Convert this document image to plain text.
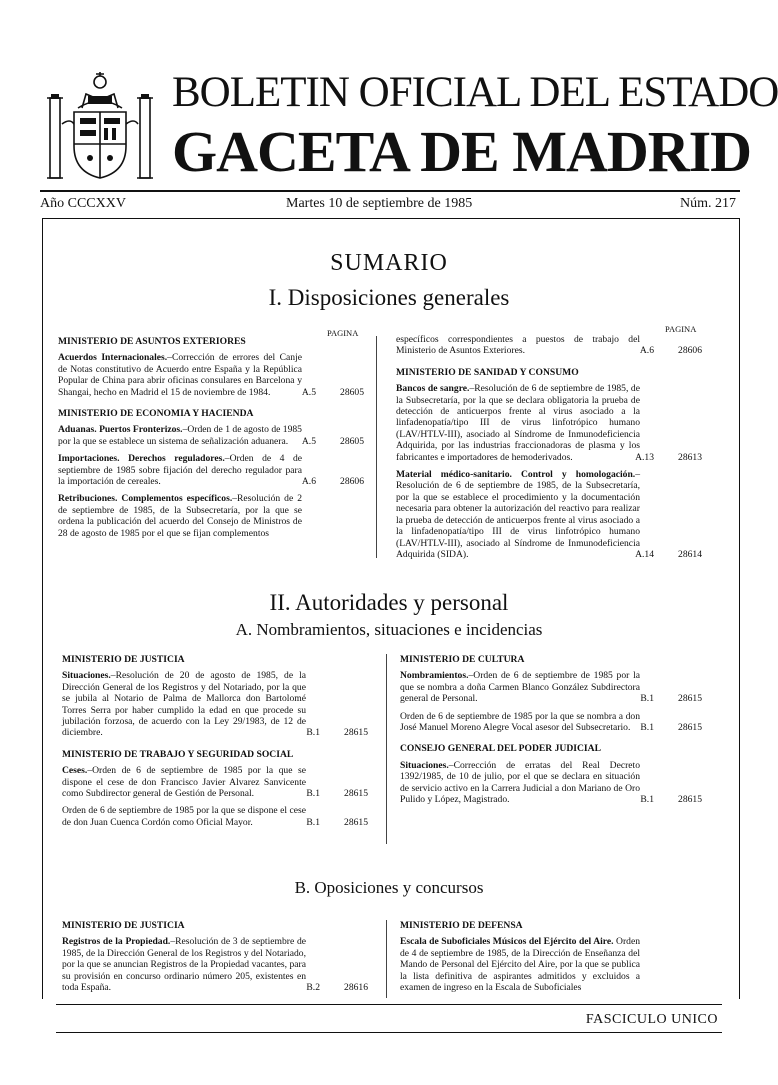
BOLETIN OFICIAL DEL ESTADO
GACETA DE MADRID
Año CCCXXV	Martes 10 de septiembre de 1985	Núm. 217
SUMARIO
I. Disposiciones generales
PAGINA	PAGINA
MINISTERIO DE ASUNTOS EXTERIORES
Acuerdos Internacionales.–Corrección de errores del Canje de Notas constitutivo de Acuerdo entre España y la República Popular de China para abrir oficinas consulares en Barcelona y Shangai, hecho en Madrid el 15 de noviembre de 1984.	A.5	28605
MINISTERIO DE ECONOMIA Y HACIENDA
Aduanas. Puertos Fronterizos.–Orden de 1 de agosto de 1985 por la que se establece un sistema de señalización aduanera. A.5	28605
Importaciones. Derechos reguladores.–Orden de 4 de septiembre de 1985 sobre fijación del derecho regulador para la importación de cereales.	A.6	28606
Retribuciones. Complementos específicos.–Resolución de 2 de septiembre de 1985, de la Subsecretaría, por la que se ordena la publicación del acuerdo del Consejo de Ministros de 28 de agosto de 1985 por el que se fijan complementos
específicos correspondientes a puestos de trabajo del Ministerio de Asuntos Exteriores.	A.6	28606
MINISTERIO DE SANIDAD Y CONSUMO
Bancos de sangre.–Resolución de 6 de septiembre de 1985, de la Subsecretaría, por la que se declara obligatoria la prueba de detección de anticuerpos frente al virus asociado a la linfadenopatía/tipo III de virus linfotrópico humano (LAV/HTLV-III), asociado al Síndrome de Inmunodeficiencia Adquirida, por las industrias fraccionadoras de plasma y los fabricantes e importadores de hemoderivados.	A.13	28613
Material médico-sanitario. Control y homologación.–Resolución de 6 de septiembre de 1985, de la Subsecretaría, por la que se establece el procedimiento y la documentación necesaria para obtener la autorización del reactivo para realizar la prueba de detección de anticuerpos frente al virus asociado a la linfadenopatía/tipo III de virus linfotrópico humano (LAV/HTLV-III), asociado al Síndrome de Inmunodeficiencia Adquirida (SIDA).	A.14	28614
II. Autoridades y personal
A. Nombramientos, situaciones e incidencias
MINISTERIO DE JUSTICIA
Situaciones.–Resolución de 20 de agosto de 1985, de la Dirección General de los Registros y del Notariado, por la que se jubila al Notario de Palma de Mallorca don Bartolomé Torres Serra por haber cumplido la edad en que procede su jubilación forzosa, de acuerdo con la Ley 29/1983, de 12 de diciembre.	B.1	28615
MINISTERIO DE TRABAJO Y SEGURIDAD SOCIAL
Ceses.–Orden de 6 de septiembre de 1985 por la que se dispone el cese de don Francisco Javier Alvarez Sanvicente como Subdirector general de Gestión de Personal.	B.1	28615
Orden de 6 de septiembre de 1985 por la que se dispone el cese de don Juan Cuenca Cordón como Oficial Mayor.	B.1	28615
MINISTERIO DE CULTURA
Nombramientos.–Orden de 6 de septiembre de 1985 por la que se nombra a doña Carmen Blanco González Subdirectora general de Personal.	B.1	28615
Orden de 6 de septiembre de 1985 por la que se nombra a don José Manuel Moreno Alegre Vocal asesor del Subsecretario. B.1	28615
CONSEJO GENERAL DEL PODER JUDICIAL
Situaciones.–Corrección de erratas del Real Decreto 1392/1985, de 10 de julio, por el que se declara en situación de servicio activo en la Carrera Judicial a don Mariano de Oro Pulido y López, Magistrado.	B.1	28615
B. Oposiciones y concursos
MINISTERIO DE JUSTICIA
Registros de la Propiedad.–Resolución de 3 de septiembre de 1985, de la Dirección General de los Registros y del Notariado, por la que se anuncian Registros de la Propiedad vacantes, para su provisión en concurso ordinario número 205, existentes en toda España.	B.2	28616
MINISTERIO DE DEFENSA
Escala de Suboficiales Músicos del Ejército del Aire. Orden de 4 de septiembre de 1985, de la Dirección de Enseñanza del Mando de Personal del Ejército del Aire, por la que se publica la lista definitiva de aspirantes admitidos y excluidos a examen de ingreso en la Escala de Suboficiales
FASCICULO UNICO
